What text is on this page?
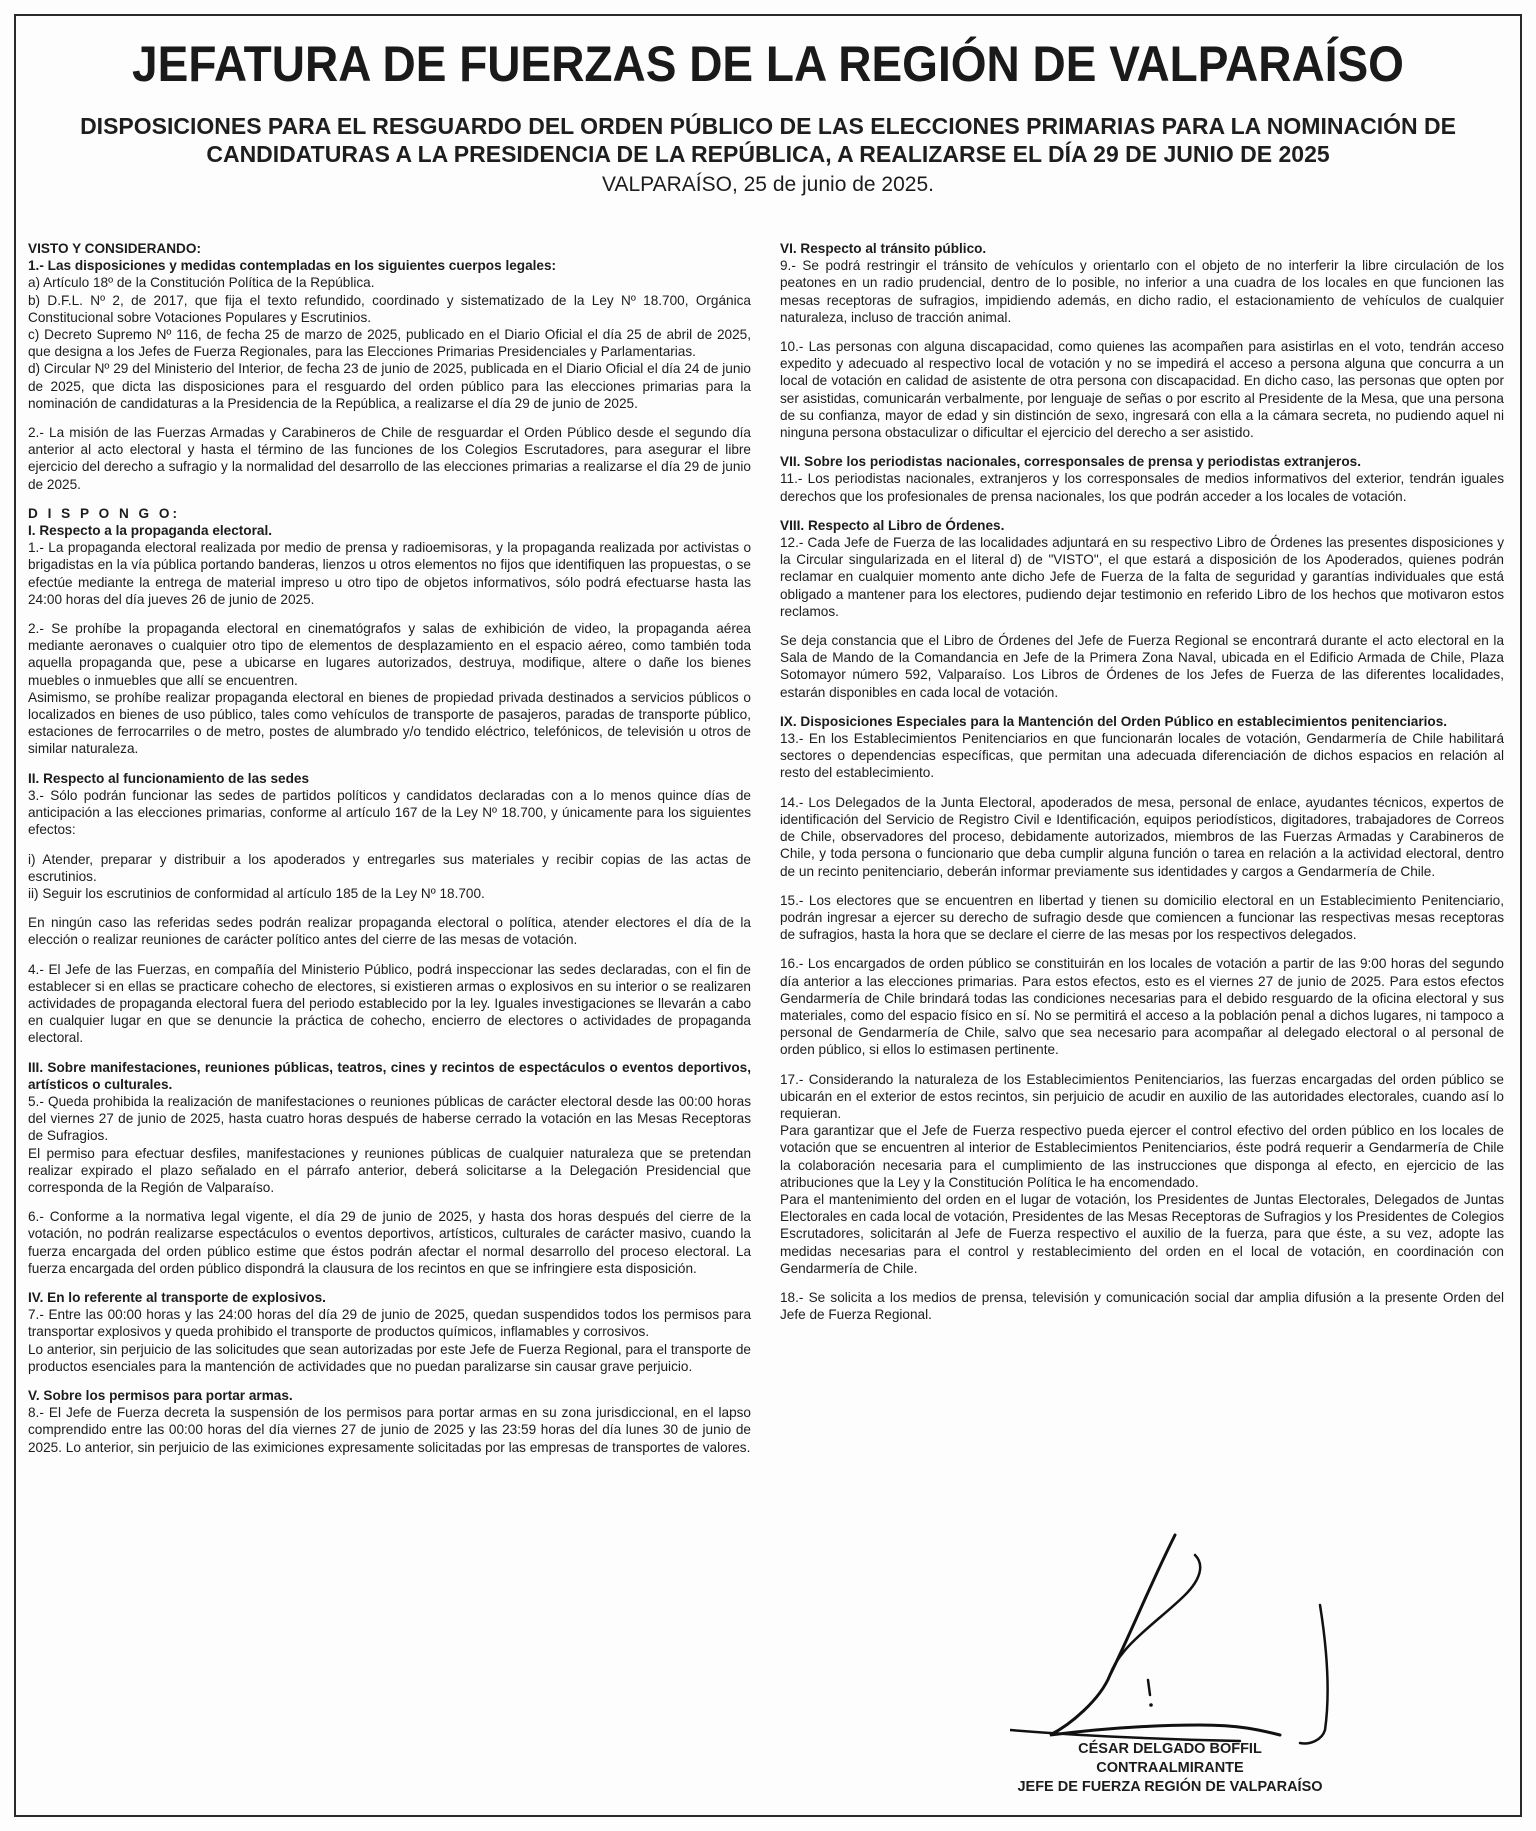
JEFATURA DE FUERZAS DE LA REGIÓN DE VALPARAÍSO
DISPOSICIONES PARA EL RESGUARDO DEL ORDEN PÚBLICO DE LAS ELECCIONES PRIMARIAS PARA LA NOMINACIÓN DE CANDIDATURAS A LA PRESIDENCIA DE LA REPÚBLICA, A REALIZARSE EL DÍA 29 DE JUNIO DE 2025
VALPARAÍSO, 25 de junio de 2025.

VISTO Y CONSIDERANDO:

1.- Las disposiciones y medidas contempladas en los siguientes cuerpos legales:

a) Artículo 18º de la Constitución Política de la República.

b) D.F.L. Nº 2, de 2017, que fija el texto refundido, coordinado y sistematizado de la Ley Nº 18.700, Orgánica Constitucional sobre Votaciones Populares y Escrutinios.

c) Decreto Supremo Nº 116, de fecha 25 de marzo de 2025, publicado en el Diario Oficial el día 25 de abril de 2025, que designa a los Jefes de Fuerza Regionales, para las Elecciones Primarias Presidenciales y Parlamentarias.

d) Circular Nº 29 del Ministerio del Interior, de fecha 23 de junio de 2025, publicada en el Diario Oficial el día 24 de junio de 2025, que dicta las disposiciones para el resguardo del orden público para las elecciones primarias para la nominación de candidaturas a la Presidencia de la República, a realizarse el día 29 de junio de 2025.

2.- La misión de las Fuerzas Armadas y Carabineros de Chile de resguardar el Orden Público desde el segundo día anterior al acto electoral y hasta el término de las funciones de los Colegios Escrutadores, para asegurar el libre ejercicio del derecho a sufragio y la normalidad del desarrollo de las elecciones primarias a realizarse el día 29 de junio de 2025.

D I S P O N G O:

I. Respecto a la propaganda electoral.

1.- La propaganda electoral realizada por medio de prensa y radioemisoras, y la propaganda realizada por activistas o brigadistas en la vía pública portando banderas, lienzos u otros elementos no fijos que identifiquen las propuestas, o se efectúe mediante la entrega de material impreso u otro tipo de objetos informativos, sólo podrá efectuarse hasta las 24:00 horas del día jueves 26 de junio de 2025.

2.- Se prohíbe la propaganda electoral en cinematógrafos y salas de exhibición de video, la propaganda aérea mediante aeronaves o cualquier otro tipo de elementos de desplazamiento en el espacio aéreo, como también toda aquella propaganda que, pese a ubicarse en lugares autorizados, destruya, modifique, altere o dañe los bienes muebles o inmuebles que allí se encuentren.

Asimismo, se prohíbe realizar propaganda electoral en bienes de propiedad privada destinados a servicios públicos o localizados en bienes de uso público, tales como vehículos de transporte de pasajeros, paradas de transporte público, estaciones de ferrocarriles o de metro, postes de alumbrado y/o tendido eléctrico, telefónicos, de televisión u otros de similar naturaleza.

II. Respecto al funcionamiento de las sedes

3.- Sólo podrán funcionar las sedes de partidos políticos y candidatos declaradas con a lo menos quince días de anticipación a las elecciones primarias, conforme al artículo 167 de la Ley Nº 18.700, y únicamente para los siguientes efectos:

i) Atender, preparar y distribuir a los apoderados y entregarles sus materiales y recibir copias de las actas de escrutinios.

ii) Seguir los escrutinios de conformidad al artículo 185 de la Ley Nº 18.700.

En ningún caso las referidas sedes podrán realizar propaganda electoral o política, atender electores el día de la elección o realizar reuniones de carácter político antes del cierre de las mesas de votación.

4.- El Jefe de las Fuerzas, en compañía del Ministerio Público, podrá inspeccionar las sedes declaradas, con el fin de establecer si en ellas se practicare cohecho de electores, si existieren armas o explosivos en su interior o se realizaren actividades de propaganda electoral fuera del periodo establecido por la ley. Iguales investigaciones se llevarán a cabo en cualquier lugar en que se denuncie la práctica de cohecho, encierro de electores o actividades de propaganda electoral.

III. Sobre manifestaciones, reuniones públicas, teatros, cines y recintos de espectáculos o eventos deportivos, artísticos o culturales.

5.- Queda prohibida la realización de manifestaciones o reuniones públicas de carácter electoral desde las 00:00 horas del viernes 27 de junio de 2025, hasta cuatro horas después de haberse cerrado la votación en las Mesas Receptoras de Sufragios.

El permiso para efectuar desfiles, manifestaciones y reuniones públicas de cualquier naturaleza que se pretendan realizar expirado el plazo señalado en el párrafo anterior, deberá solicitarse a la Delegación Presidencial que corresponda de la Región de Valparaíso.

6.- Conforme a la normativa legal vigente, el día 29 de junio de 2025, y hasta dos horas después del cierre de la votación, no podrán realizarse espectáculos o eventos deportivos, artísticos, culturales de carácter masivo, cuando la fuerza encargada del orden público estime que éstos podrán afectar el normal desarrollo del proceso electoral. La fuerza encargada del orden público dispondrá la clausura de los recintos en que se infringiere esta disposición.

IV. En lo referente al transporte de explosivos.

7.- Entre las 00:00 horas y las 24:00 horas del día 29 de junio de 2025, quedan suspendidos todos los permisos para transportar explosivos y queda prohibido el transporte de productos químicos, inflamables y corrosivos.

Lo anterior, sin perjuicio de las solicitudes que sean autorizadas por este Jefe de Fuerza Regional, para el transporte de productos esenciales para la mantención de actividades que no puedan paralizarse sin causar grave perjuicio.

V. Sobre los permisos para portar armas.

8.- El Jefe de Fuerza decreta la suspensión de los permisos para portar armas en su zona jurisdiccional, en el lapso comprendido entre las 00:00 horas del día viernes 27 de junio de 2025 y las 23:59 horas del día lunes 30 de junio de 2025. Lo anterior, sin perjuicio de las eximiciones expresamente solicitadas por las empresas de transportes de valores.

VI. Respecto al tránsito público.

9.- Se podrá restringir el tránsito de vehículos y orientarlo con el objeto de no interferir la libre circulación de los peatones en un radio prudencial, dentro de lo posible, no inferior a una cuadra de los locales en que funcionen las mesas receptoras de sufragios, impidiendo además, en dicho radio, el estacionamiento de vehículos de cualquier naturaleza, incluso de tracción animal.

10.- Las personas con alguna discapacidad, como quienes las acompañen para asistirlas en el voto, tendrán acceso expedito y adecuado al respectivo local de votación y no se impedirá el acceso a persona alguna que concurra a un local de votación en calidad de asistente de otra persona con discapacidad. En dicho caso, las personas que opten por ser asistidas, comunicarán verbalmente, por lenguaje de señas o por escrito al Presidente de la Mesa, que una persona de su confianza, mayor de edad y sin distinción de sexo, ingresará con ella a la cámara secreta, no pudiendo aquel ni ninguna persona obstaculizar o dificultar el ejercicio del derecho a ser asistido.

VII. Sobre los periodistas nacionales, corresponsales de prensa y periodistas extranjeros.

11.- Los periodistas nacionales, extranjeros y los corresponsales de medios informativos del exterior, tendrán iguales derechos que los profesionales de prensa nacionales, los que podrán acceder a los locales de votación.

VIII. Respecto al Libro de Órdenes.

12.- Cada Jefe de Fuerza de las localidades adjuntará en su respectivo Libro de Órdenes las presentes disposiciones y la Circular singularizada en el literal d) de "VISTO", el que estará a disposición de los Apoderados, quienes podrán reclamar en cualquier momento ante dicho Jefe de Fuerza de la falta de seguridad y garantías individuales que está obligado a mantener para los electores, pudiendo dejar testimonio en referido Libro de los hechos que motivaron estos reclamos.

Se deja constancia que el Libro de Órdenes del Jefe de Fuerza Regional se encontrará durante el acto electoral en la Sala de Mando de la Comandancia en Jefe de la Primera Zona Naval, ubicada en el Edificio Armada de Chile, Plaza Sotomayor número 592, Valparaíso. Los Libros de Órdenes de los Jefes de Fuerza de las diferentes localidades, estarán disponibles en cada local de votación.

IX. Disposiciones Especiales para la Mantención del Orden Público en establecimientos penitenciarios.

13.- En los Establecimientos Penitenciarios en que funcionarán locales de votación, Gendarmería de Chile habilitará sectores o dependencias específicas, que permitan una adecuada diferenciación de dichos espacios en relación al resto del establecimiento.

14.- Los Delegados de la Junta Electoral, apoderados de mesa, personal de enlace, ayudantes técnicos, expertos de identificación del Servicio de Registro Civil e Identificación, equipos periodísticos, digitadores, trabajadores de Correos de Chile, observadores del proceso, debidamente autorizados, miembros de las Fuerzas Armadas y Carabineros de Chile, y toda persona o funcionario que deba cumplir alguna función o tarea en relación a la actividad electoral, dentro de un recinto penitenciario, deberán informar previamente sus identidades y cargos a Gendarmería de Chile.

15.- Los electores que se encuentren en libertad y tienen su domicilio electoral en un Establecimiento Penitenciario, podrán ingresar a ejercer su derecho de sufragio desde que comiencen a funcionar las respectivas mesas receptoras de sufragios, hasta la hora que se declare el cierre de las mesas por los respectivos delegados.

16.- Los encargados de orden público se constituirán en los locales de votación a partir de las 9:00 horas del segundo día anterior a las elecciones primarias. Para estos efectos, esto es el viernes 27 de junio de 2025. Para estos efectos Gendarmería de Chile brindará todas las condiciones necesarias para el debido resguardo de la oficina electoral y sus materiales, como del espacio físico en sí. No se permitirá el acceso a la población penal a dichos lugares, ni tampoco a personal de Gendarmería de Chile, salvo que sea necesario para acompañar al delegado electoral o al personal de orden público, si ellos lo estimasen pertinente.

17.- Considerando la naturaleza de los Establecimientos Penitenciarios, las fuerzas encargadas del orden público se ubicarán en el exterior de estos recintos, sin perjuicio de acudir en auxilio de las autoridades electorales, cuando así lo requieran.

Para garantizar que el Jefe de Fuerza respectivo pueda ejercer el control efectivo del orden público en los locales de votación que se encuentren al interior de Establecimientos Penitenciarios, éste podrá requerir a Gendarmería de Chile la colaboración necesaria para el cumplimiento de las instrucciones que disponga al efecto, en ejercicio de las atribuciones que la Ley y la Constitución Política le ha encomendado.

Para el mantenimiento del orden en el lugar de votación, los Presidentes de Juntas Electorales, Delegados de Juntas Electorales en cada local de votación, Presidentes de las Mesas Receptoras de Sufragios y los Presidentes de Colegios Escrutadores, solicitarán al Jefe de Fuerza respectivo el auxilio de la fuerza, para que éste, a su vez, adopte las medidas necesarias para el control y restablecimiento del orden en el local de votación, en coordinación con Gendarmería de Chile.

18.- Se solicita a los medios de prensa, televisión y comunicación social dar amplia difusión a la presente Orden del Jefe de Fuerza Regional.

CÉSAR DELGADO BOFFIL
CONTRAALMIRANTE
JEFE DE FUERZA REGIÓN DE VALPARAÍSO
